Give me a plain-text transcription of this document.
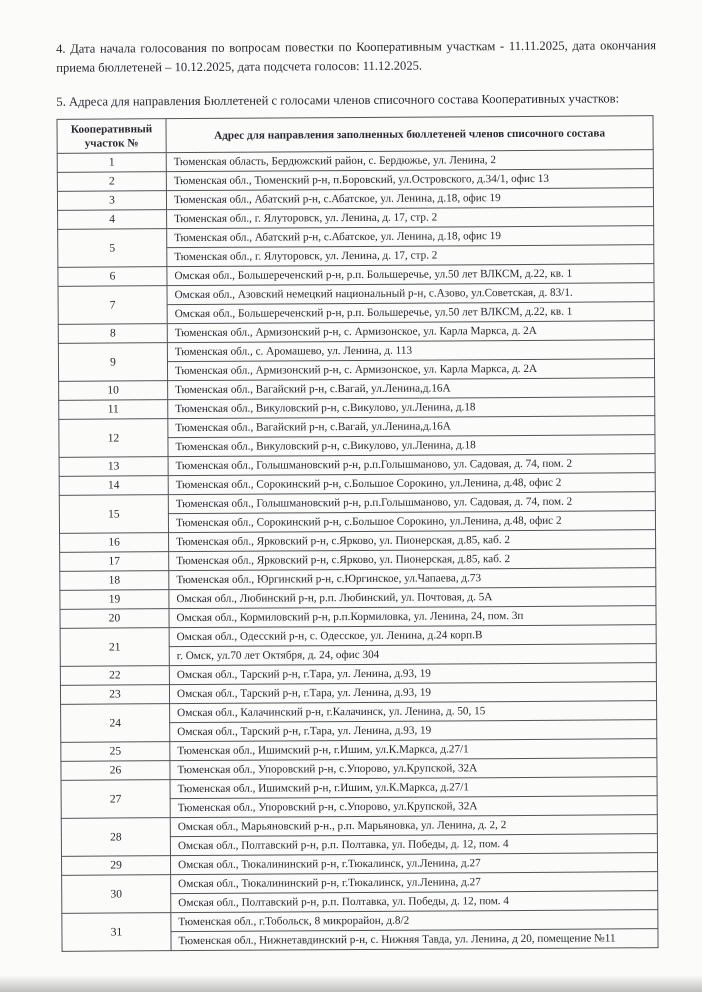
4. Дата начала голосования по вопросам повестки по Кооперативным участкам - 11.11.2025, дата окончания приема бюллетеней – 10.12.2025, дата подсчета голосов: 11.12.2025.

5. Адреса для направления Бюллетеней с голосами членов списочного состава Кооперативных участков:

Кооперативный участок №	Адрес для направления заполненных бюллетеней членов списочного состава
1	Тюменская область, Бердюжский район, с. Бердюжье, ул. Ленина, 2
2	Тюменская обл., Тюменский р-н, п.Боровский, ул.Островского, д.34/1, офис 13
3	Тюменская обл., Абатский р-н, с.Абатское, ул. Ленина, д.18, офис 19
4	Тюменская обл., г. Ялуторовск, ул. Ленина, д. 17, стр. 2
5	Тюменская обл., Абатский р-н, с.Абатское, ул. Ленина, д.18, офис 19
	Тюменская обл., г. Ялуторовск, ул. Ленина, д. 17, стр. 2
6	Омская обл., Большереченский р-н, р.п. Большеречье, ул.50 лет ВЛКСМ, д.22, кв. 1
7	Омская обл., Азовский немецкий национальный р-н, с.Азово, ул.Советская, д. 83/1.
	Омская обл., Большереченский р-н, р.п. Большеречье, ул.50 лет ВЛКСМ, д.22, кв. 1
8	Тюменская обл., Армизонский р-н, с. Армизонское, ул. Карла Маркса, д. 2А
9	Тюменская обл., с. Аромашево, ул. Ленина, д. 113
	Тюменская обл., Армизонский р-н, с. Армизонское, ул. Карла Маркса, д. 2А
10	Тюменская обл., Вагайский р-н, с.Вагай, ул.Ленина,д.16А
11	Тюменская обл., Викуловский р-н, с.Викулово, ул.Ленина, д.18
12	Тюменская обл., Вагайский р-н, с.Вагай, ул.Ленина,д.16А
	Тюменская обл., Викуловский р-н, с.Викулово, ул.Ленина, д.18
13	Тюменская обл., Голышмановский р-н, р.п.Голышманово, ул. Садовая, д. 74, пом. 2
14	Тюменская обл., Сорокинский р-н, с.Большое Сорокино, ул.Ленина, д.48, офис 2
15	Тюменская обл., Голышмановский р-н, р.п.Голышманово, ул. Садовая, д. 74, пом. 2
	Тюменская обл., Сорокинский р-н, с.Большое Сорокино, ул.Ленина, д.48, офис 2
16	Тюменская обл., Ярковский р-н, с.Ярково, ул. Пионерская, д.85, каб. 2
17	Тюменская обл., Ярковский р-н, с.Ярково, ул. Пионерская, д.85, каб. 2
18	Тюменская обл., Юргинский р-н, с.Юргинское, ул.Чапаева, д.73
19	Омская обл., Любинский р-н, р.п. Любинский, ул. Почтовая, д. 5А
20	Омская обл., Кормиловский р-н, р.п.Кормиловка, ул. Ленина, 24, пом. 3п
21	Омская обл., Одесский р-н, с. Одесское, ул. Ленина, д.24 корп.В
	г. Омск, ул.70 лет Октября, д. 24, офис 304
22	Омская обл., Тарский р-н, г.Тара, ул. Ленина, д.93, 19
23	Омская обл., Тарский р-н, г.Тара, ул. Ленина, д.93, 19
24	Омская обл., Калачинский р-н, г.Калачинск, ул. Ленина, д. 50, 15
	Омская обл., Тарский р-н, г.Тара, ул. Ленина, д.93, 19
25	Тюменская обл., Ишимский р-н, г.Ишим, ул.К.Маркса, д.27/1
26	Тюменская обл., Упоровский р-н, с.Упорово, ул.Крупской, 32А
27	Тюменская обл., Ишимский р-н, г.Ишим, ул.К.Маркса, д.27/1
	Тюменская обл., Упоровский р-н, с.Упорово, ул.Крупской, 32А
28	Омская обл., Марьяновский р-н., р.п. Марьяновка, ул. Ленина, д. 2, 2
	Омская обл., Полтавский р-н, р.п. Полтавка, ул. Победы, д. 12, пом. 4
29	Омская обл., Тюкалининский р-н, г.Тюкалинск, ул.Ленина, д.27
30	Омская обл., Тюкалининский р-н, г.Тюкалинск, ул.Ленина, д.27
	Омская обл., Полтавский р-н, р.п. Полтавка, ул. Победы, д. 12, пом. 4
31	Тюменская обл., г.Тобольск, 8 микрорайон, д.8/2
	Тюменская обл., Нижнетавдинский р-н, с. Нижняя Тавда, ул. Ленина, д 20, помещение №11
